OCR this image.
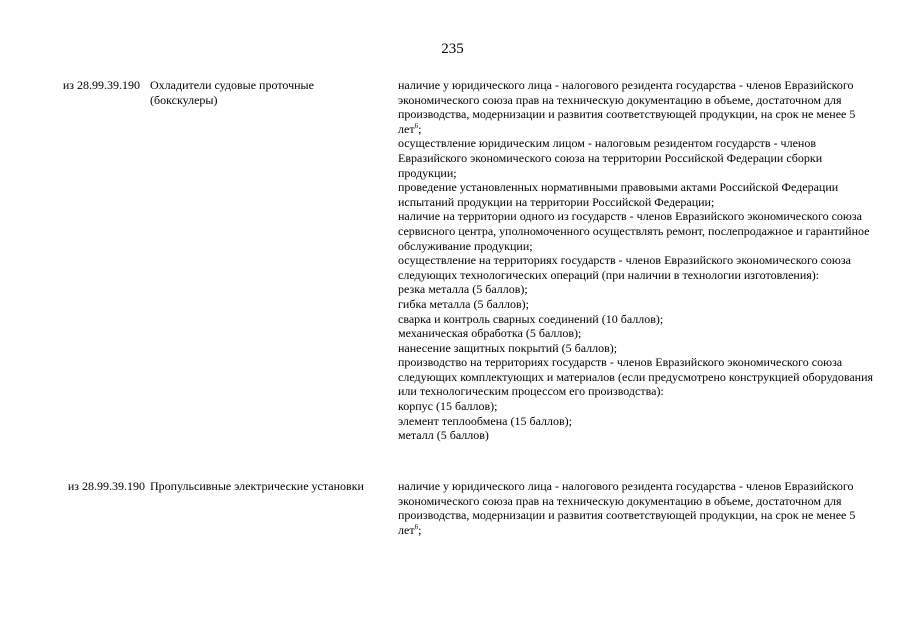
235
из 28.99.39.190 Охладители судовые проточные (бокскулеры)
наличие у юридического лица - налогового резидента государства - членов Евразийского экономического союза прав на техническую документацию в объеме, достаточном для производства, модернизации и развития соответствующей продукции, на срок не менее 5 лет$^6$;
осуществление юридическим лицом - налоговым резидентом государств - членов Евразийского экономического союза на территории Российской Федерации сборки продукции;
проведение установленных нормативными правовыми актами Российской Федерации испытаний продукции на территории Российской Федерации;
наличие на территории одного из государств - членов Евразийского экономического союза сервисного центра, уполномоченного осуществлять ремонт, послепродажное и гарантийное обслуживание продукции;
осуществление на территориях государств - членов Евразийского экономического союза следующих технологических операций (при наличии в технологии изготовления):
резка металла (5 баллов);
гибка металла (5 баллов);
сварка и контроль сварных соединений (10 баллов);
механическая обработка (5 баллов);
нанесение защитных покрытий (5 баллов);
производство на территориях государств - членов Евразийского экономического союза следующих комплектующих и материалов (если предусмотрено конструкцией оборудования или технологическим процессом его производства):
корпус (15 баллов);
элемент теплообмена (15 баллов);
металл (5 баллов)
из 28.99.39.190 Пропульсивные электрические установки	наличие у юридического лица - налогового резидента государства - членов Евразийского экономического союза прав на техническую документацию в объеме, достаточном для производства, модернизации и развития соответствующей продукции, на срок не менее 5 лет$^6$;
